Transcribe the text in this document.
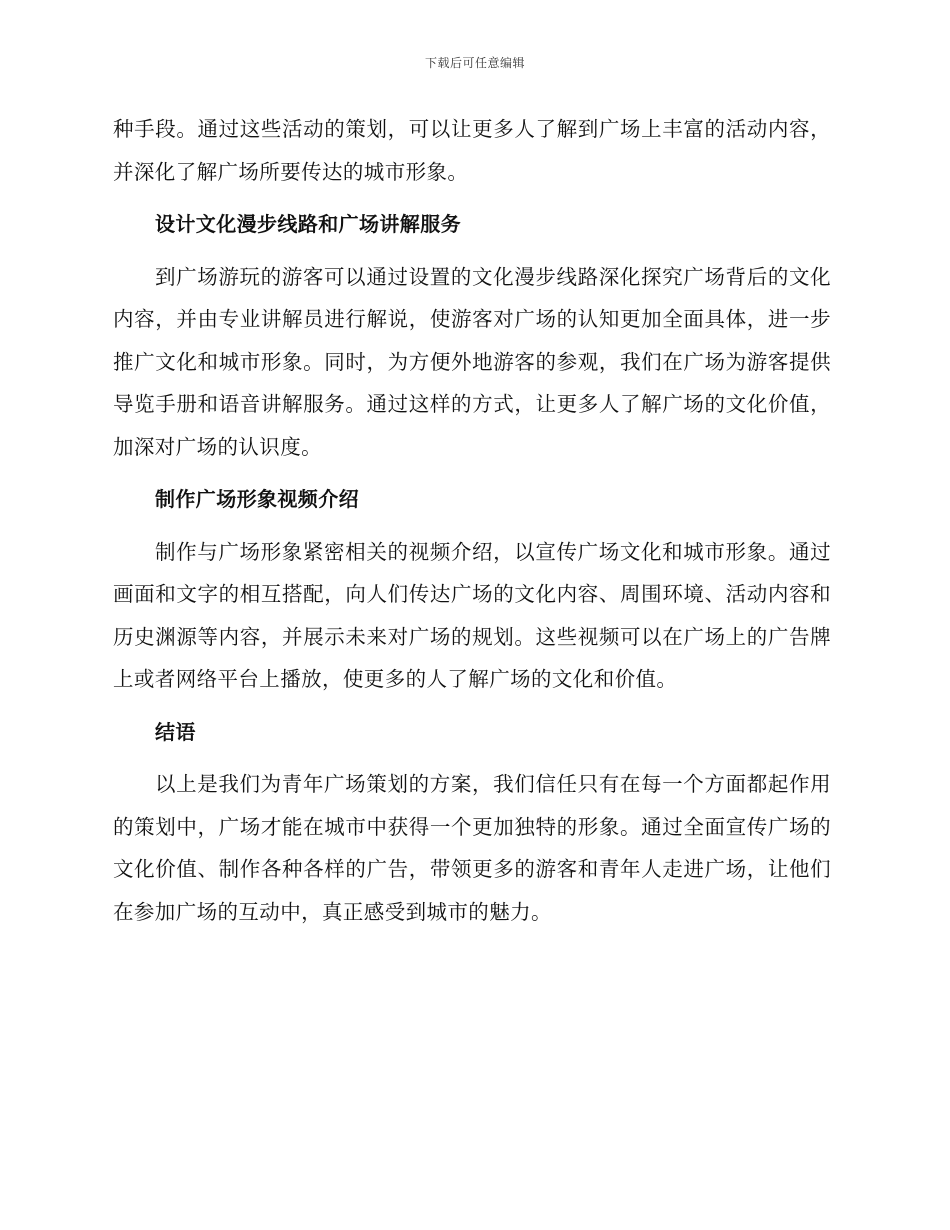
下载后可任意编辑

种手段。通过这些活动的策划，可以让更多人了解到广场上丰富的活动内容，并深化了解广场所要传达的城市形象。

设计文化漫步线路和广场讲解服务

到广场游玩的游客可以通过设置的文化漫步线路深化探究广场背后的文化内容，并由专业讲解员进行解说，使游客对广场的认知更加全面具体，进一步推广文化和城市形象。同时，为方便外地游客的参观，我们在广场为游客提供导览手册和语音讲解服务。通过这样的方式，让更多人了解广场的文化价值，加深对广场的认识度。

制作广场形象视频介绍

制作与广场形象紧密相关的视频介绍，以宣传广场文化和城市形象。通过画面和文字的相互搭配，向人们传达广场的文化内容、周围环境、活动内容和历史渊源等内容，并展示未来对广场的规划。这些视频可以在广场上的广告牌上或者网络平台上播放，使更多的人了解广场的文化和价值。

结语

以上是我们为青年广场策划的方案，我们信任只有在每一个方面都起作用的策划中，广场才能在城市中获得一个更加独特的形象。通过全面宣传广场的文化价值、制作各种各样的广告，带领更多的游客和青年人走进广场，让他们在参加广场的互动中，真正感受到城市的魅力。
